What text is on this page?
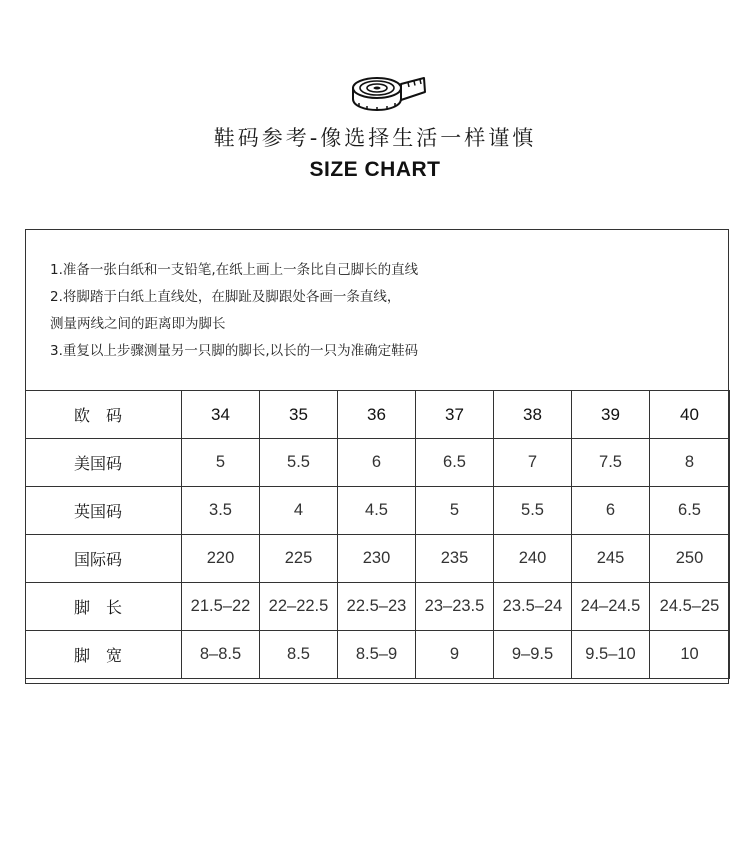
鞋码参考-像选择生活一样谨慎
SIZE CHART
1.准备一张白纸和一支铅笔,在纸上画上一条比自己脚长的直线
2.将脚踏于白纸上直线处，在脚趾及脚跟处各画一条直线，
测量两线之间的距离即为脚长
3.重复以上步骤测量另一只脚的脚长,以长的一只为准确定鞋码
欧　码	34	35	36	37	38	39	40
美国码	5	5.5	6	6.5	7	7.5	8
英国码	3.5	4	4.5	5	5.5	6	6.5
国际码	220	225	230	235	240	245	250
脚　长	21.5–22	22–22.5	22.5–23	23–23.5	23.5–24	24–24.5	24.5–25
脚　宽	8–8.5	8.5	8.5–9	9	9–9.5	9.5–10	10
